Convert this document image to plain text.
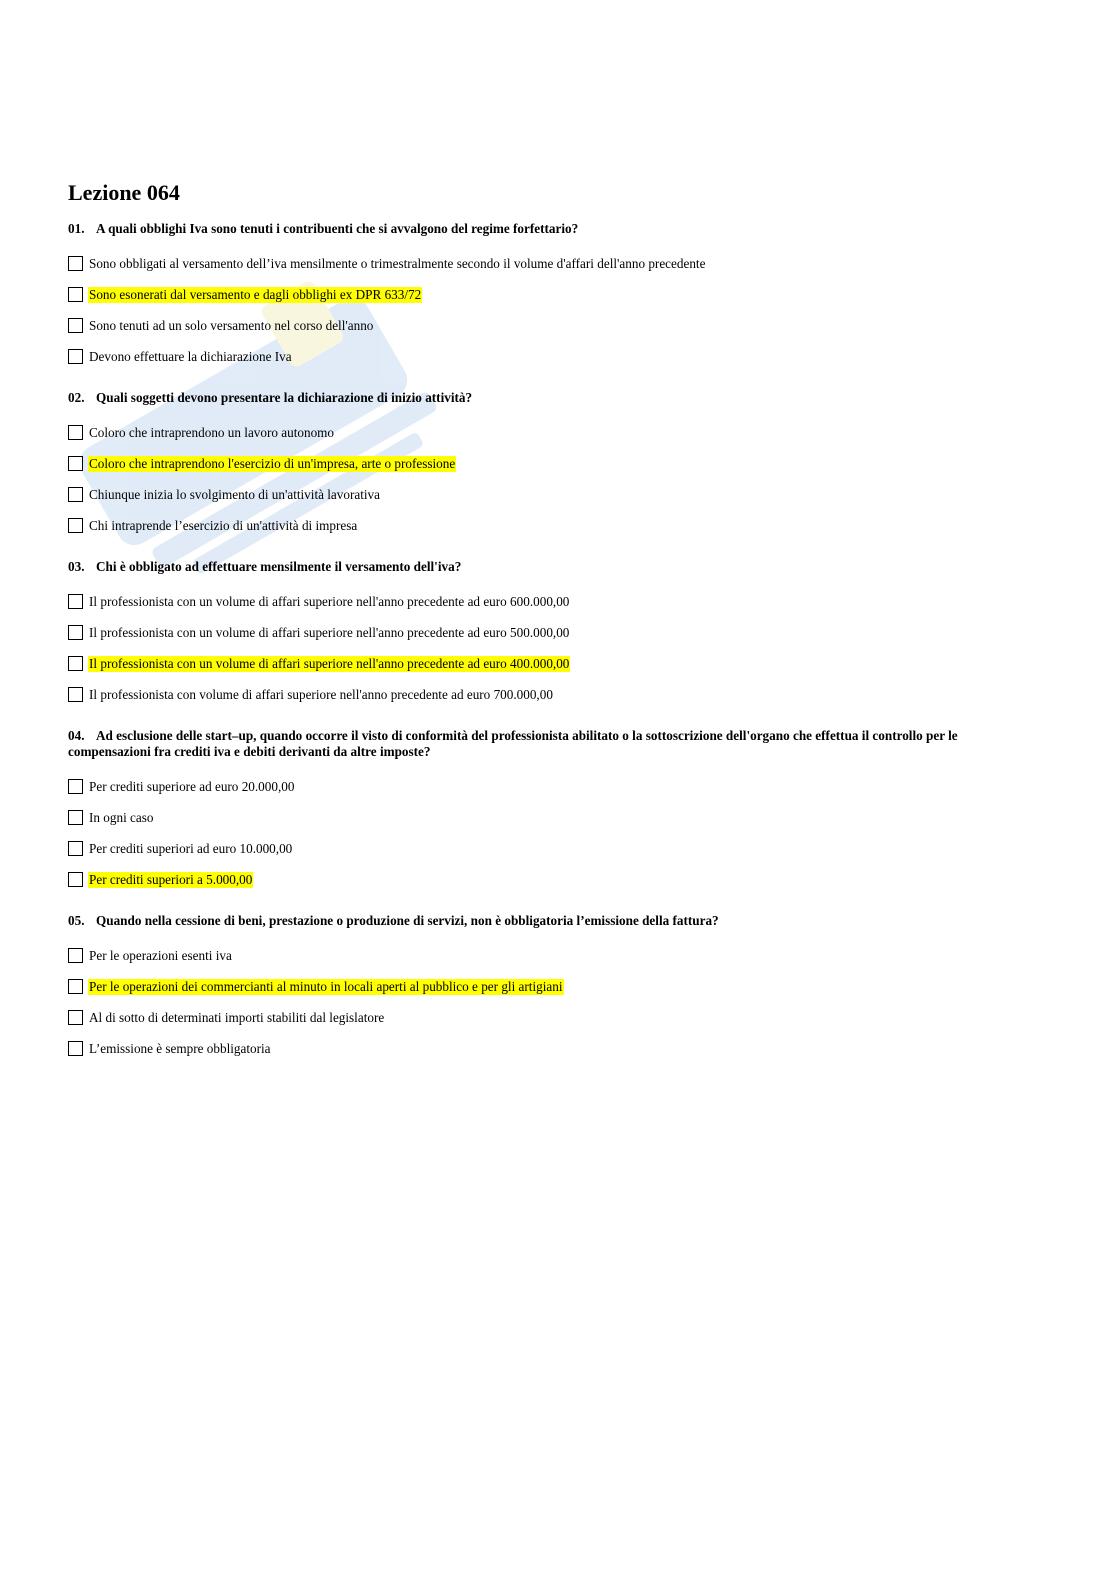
Lezione 064
01. A quali obblighi Iva sono tenuti i contribuenti che si avvalgono del regime forfettario?
Sono obbligati al versamento dell’iva mensilmente o trimestralmente secondo il volume d'affari dell'anno precedente
Sono esonerati dal versamento e dagli obblighi ex DPR 633/72
Sono tenuti ad un solo versamento nel corso dell'anno
Devono effettuare la dichiarazione Iva
02. Quali soggetti devono presentare la dichiarazione di inizio attività?
Coloro che intraprendono un lavoro autonomo
Coloro che intraprendono l'esercizio di un'impresa, arte o professione
Chiunque inizia lo svolgimento di un'attività lavorativa
Chi intraprende l’esercizio di un'attività di impresa
03. Chi è obbligato ad effettuare mensilmente il versamento dell'iva?
Il professionista con un volume di affari superiore nell'anno precedente ad euro 600.000,00
Il professionista con un volume di affari superiore nell'anno precedente ad euro 500.000,00
Il professionista con un volume di affari superiore nell'anno precedente ad euro 400.000,00
Il professionista con volume di affari superiore nell'anno precedente ad euro 700.000,00
04. Ad esclusione delle start–up, quando occorre il visto di conformità del professionista abilitato o la sottoscrizione dell'organo che effettua il controllo per le compensazioni fra crediti iva e debiti derivanti da altre imposte?
Per crediti superiore ad euro 20.000,00
In ogni caso
Per crediti superiori ad euro 10.000,00
Per crediti superiori a 5.000,00
05. Quando nella cessione di beni, prestazione o produzione di servizi, non è obbligatoria l’emissione della fattura?
Per le operazioni esenti iva
Per le operazioni dei commercianti al minuto in locali aperti al pubblico e per gli artigiani
Al di sotto di determinati importi stabiliti dal legislatore
L’emissione è sempre obbligatoria
